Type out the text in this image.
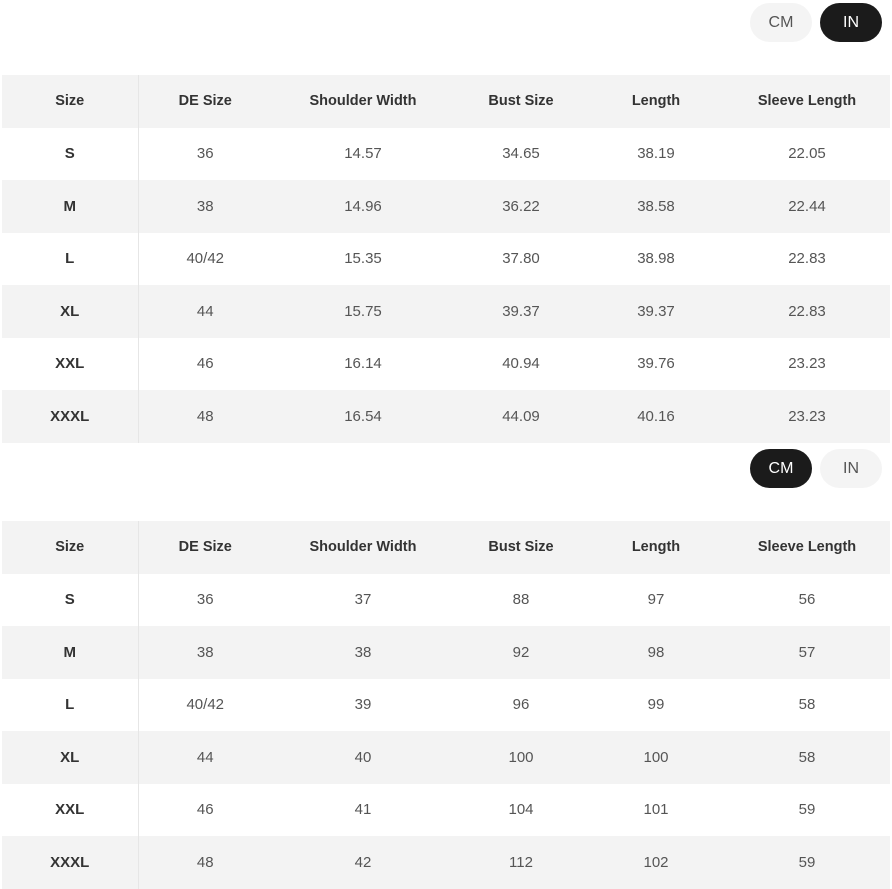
CM	IN
Size	DE Size	Shoulder Width	Bust Size	Length	Sleeve Length
S	36	14.57	34.65	38.19	22.05
M	38	14.96	36.22	38.58	22.44
L	40/42	15.35	37.80	38.98	22.83
XL	44	15.75	39.37	39.37	22.83
XXL	46	16.14	40.94	39.76	23.23
XXXL	48	16.54	44.09	40.16	23.23
CM	IN
Size	DE Size	Shoulder Width	Bust Size	Length	Sleeve Length
S	36	37	88	97	56
M	38	38	92	98	57
L	40/42	39	96	99	58
XL	44	40	100	100	58
XXL	46	41	104	101	59
XXXL	48	42	112	102	59
